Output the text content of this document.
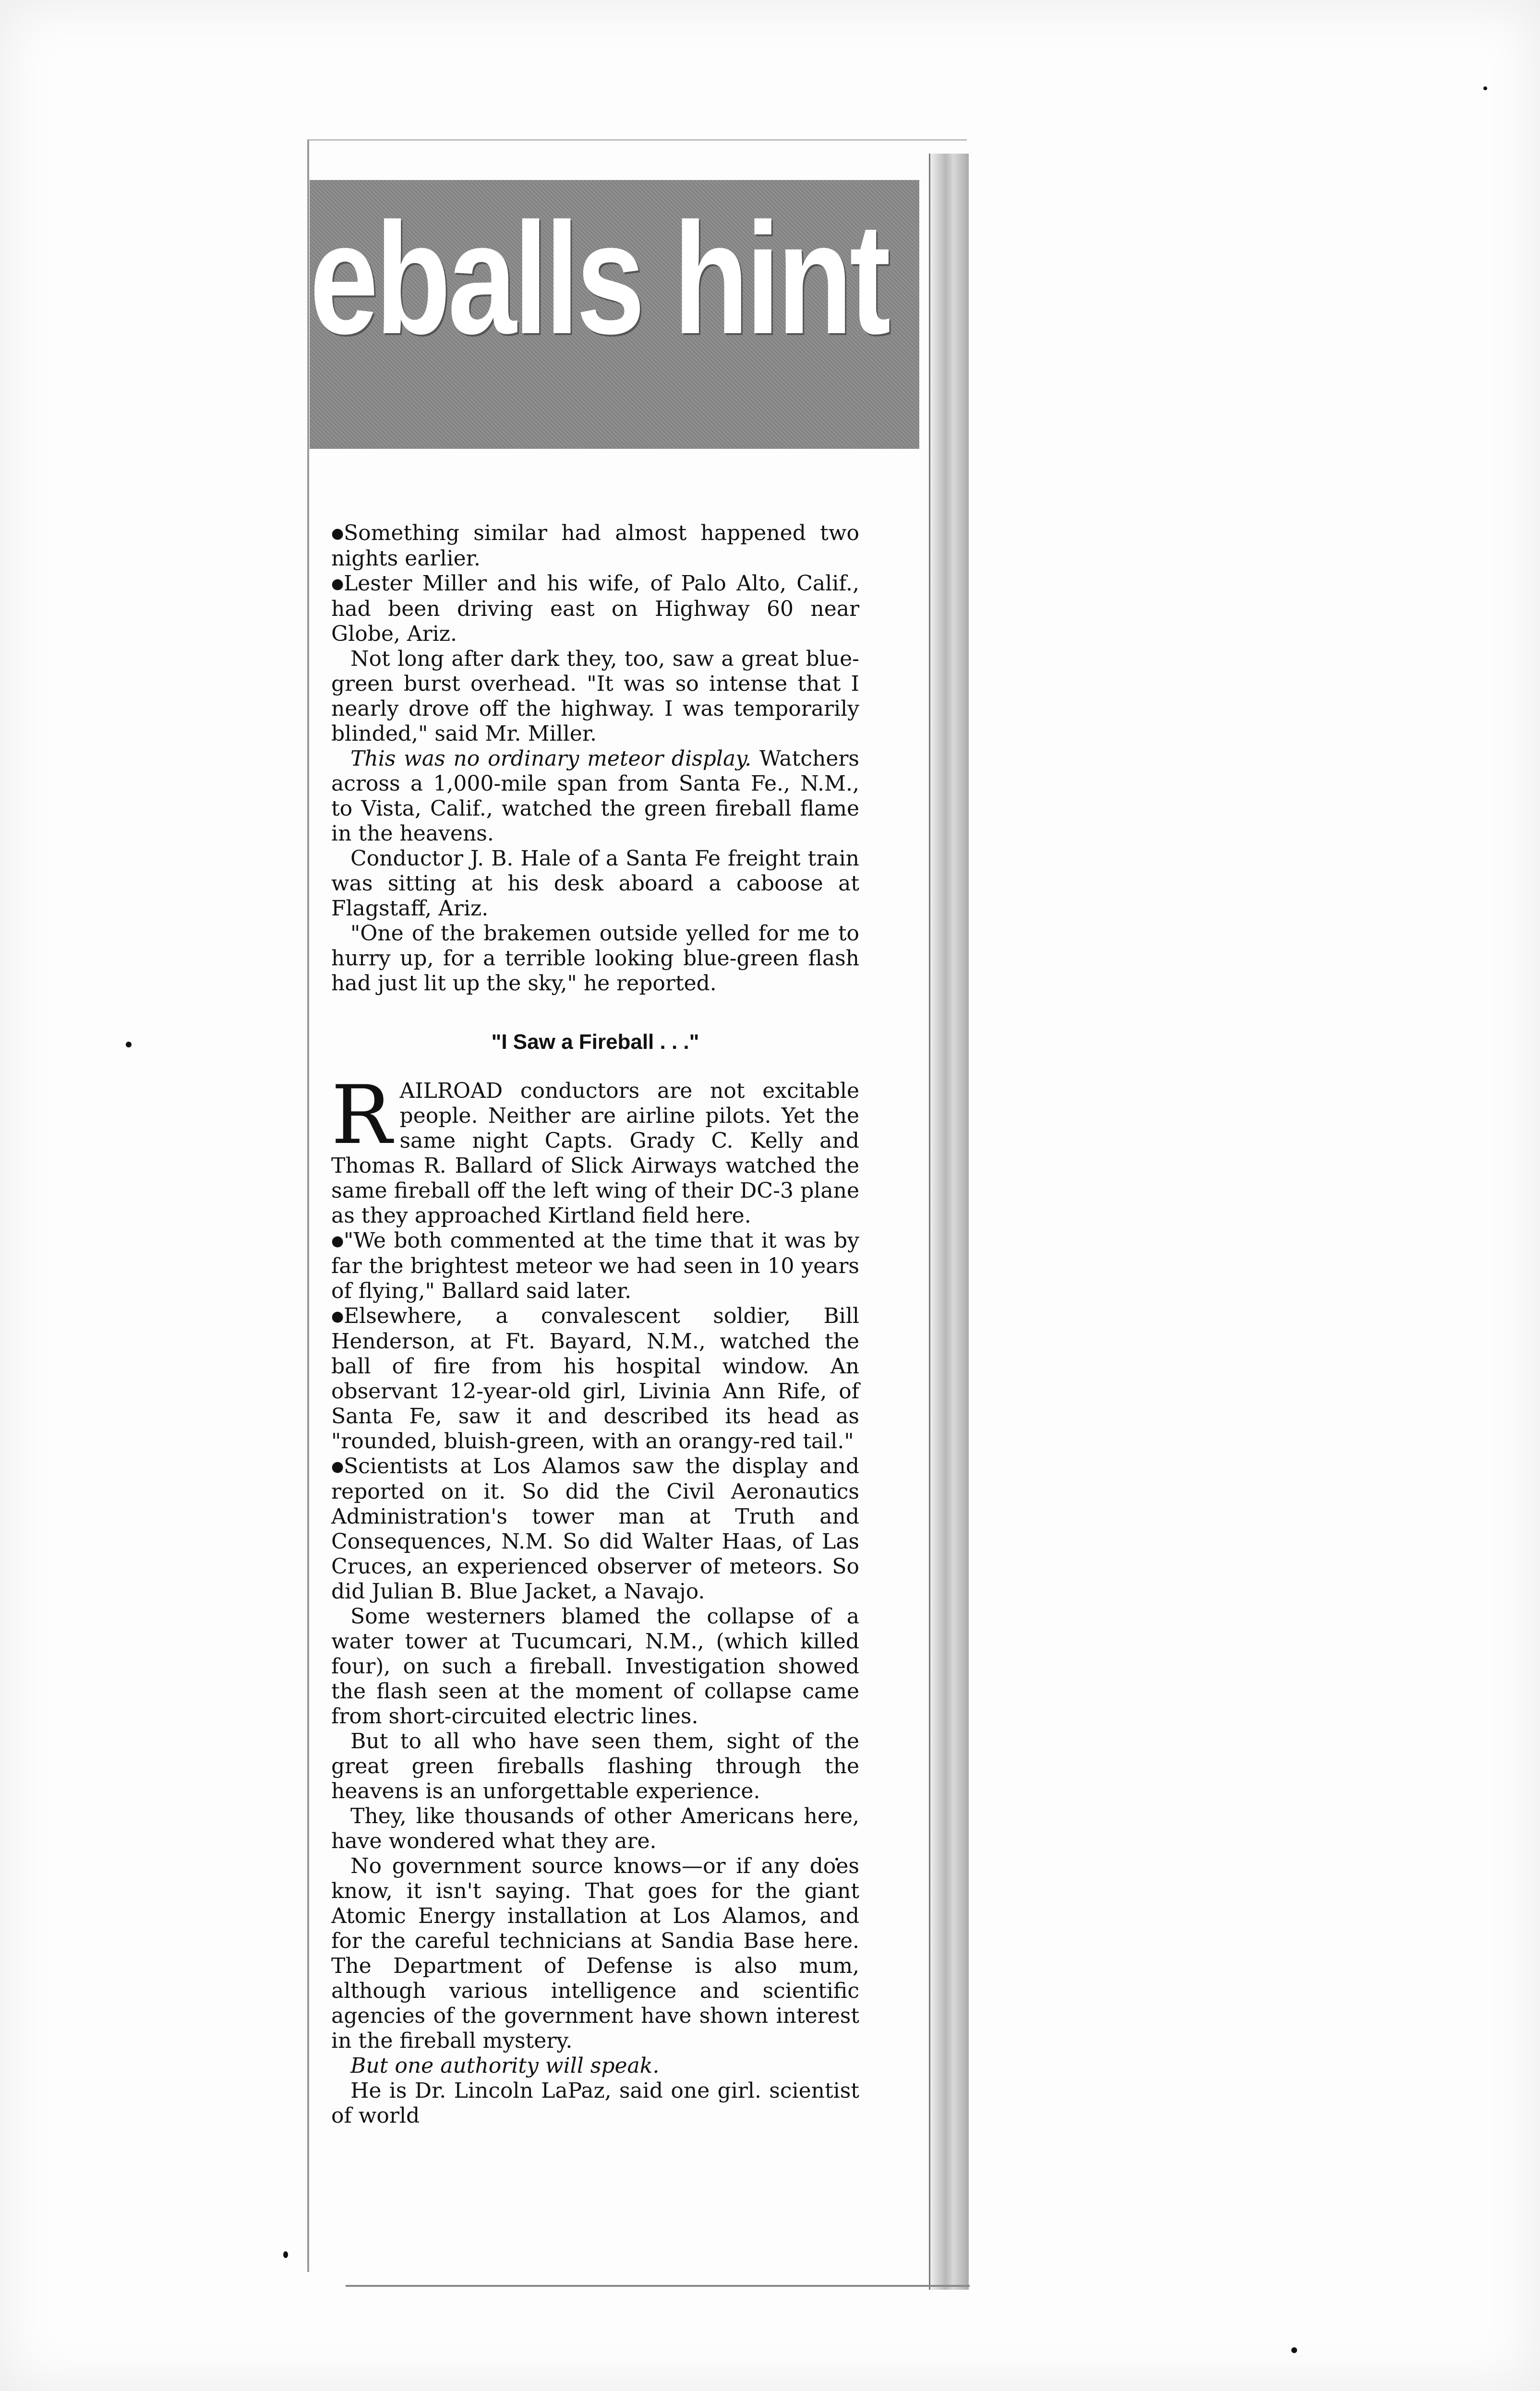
eballs hint

●Something similar had almost happened two nights earlier.

●Lester Miller and his wife, of Palo Alto, Calif., had been driving east on Highway 60 near Globe, Ariz.

Not long after dark they, too, saw a great blue-green burst overhead. "It was so intense that I nearly drove off the highway. I was temporarily blinded," said Mr. Miller.

This was no ordinary meteor display. Watchers across a 1,000-mile span from Santa Fe., N.M., to Vista, Calif., watched the green fireball flame in the heavens.

Conductor J. B. Hale of a Santa Fe freight train was sitting at his desk aboard a caboose at Flagstaff, Ariz.

"One of the brakemen outside yelled for me to hurry up, for a terrible looking blue-green flash had just lit up the sky," he reported.

"I Saw a Fireball . . ."

RAILROAD conductors are not excitable people. Neither are airline pilots. Yet the same night Capts. Grady C. Kelly and Thomas R. Ballard of Slick Airways watched the same fireball off the left wing of their DC-3 plane as they approached Kirtland field here.

●"We both commented at the time that it was by far the brightest meteor we had seen in 10 years of flying," Ballard said later.

●Elsewhere, a convalescent soldier, Bill Henderson, at Ft. Bayard, N.M., watched the ball of fire from his hospital window. An observant 12-year-old girl, Livinia Ann Rife, of Santa Fe, saw it and described its head as "rounded, bluish-green, with an orangy-red tail."

●Scientists at Los Alamos saw the display and reported on it. So did the Civil Aeronautics Administration's tower man at Truth and Consequences, N.M. So did Walter Haas, of Las Cruces, an experienced observer of meteors. So did Julian B. Blue Jacket, a Navajo.

Some westerners blamed the collapse of a water tower at Tucumcari, N.M., (which killed four), on such a fireball. Investigation showed the flash seen at the moment of collapse came from short-circuited electric lines.

But to all who have seen them, sight of the great green fireballs flashing through the heavens is an unforgettable experience.

They, like thousands of other Americans here, have wondered what they are.

No government source knows—or if any does know, it isn't saying. That goes for the giant Atomic Energy installation at Los Alamos, and for the careful technicians at Sandia Base here. The Department of Defense is also mum, although various intelligence and scientific agencies of the government have shown interest in the fireball mystery.

But one authority will speak.

He is Dr. Lincoln LaPaz, said one girl. scientist of world
